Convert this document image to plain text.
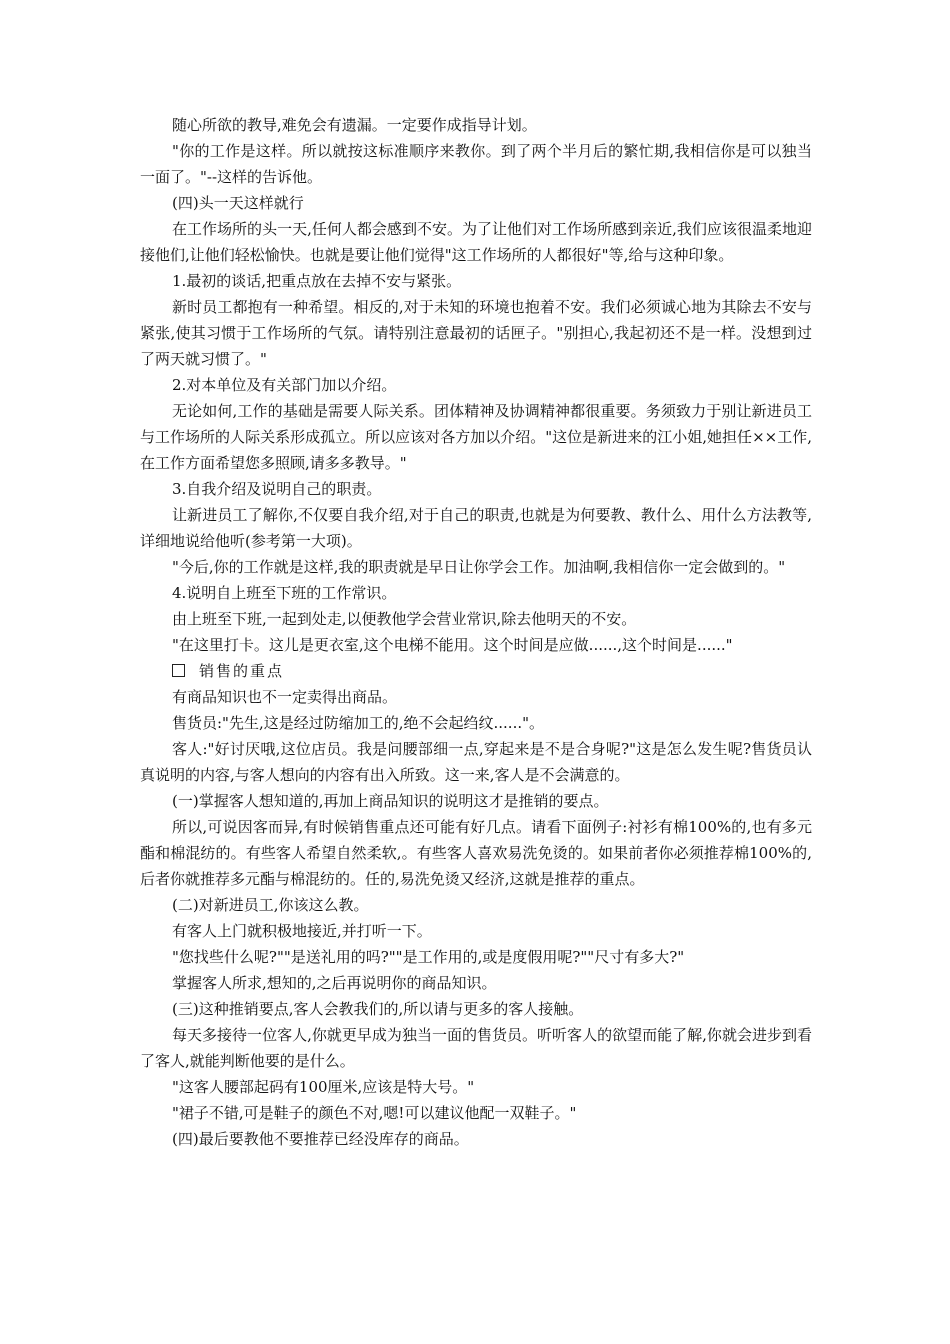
随心所欲的教导,难免会有遗漏。一定要作成指导计划。

"你的工作是这样。所以就按这标准顺序来教你。到了两个半月后的繁忙期,我相信你是可以独当一面了。"--这样的告诉他。

(四)头一天这样就行

在工作场所的头一天,任何人都会感到不安。为了让他们对工作场所感到亲近,我们应该很温柔地迎接他们,让他们轻松愉快。也就是要让他们觉得"这工作场所的人都很好"等,给与这种印象。

1.最初的谈话,把重点放在去掉不安与紧张。

新时员工都抱有一种希望。相反的,对于未知的环境也抱着不安。我们必须诚心地为其除去不安与紧张,使其习惯于工作场所的气氛。请特别注意最初的话匣子。"别担心,我起初还不是一样。没想到过了两天就习惯了。"

2.对本单位及有关部门加以介绍。

无论如何,工作的基础是需要人际关系。团体精神及协调精神都很重要。务须致力于别让新进员工与工作场所的人际关系形成孤立。所以应该对各方加以介绍。"这位是新进来的江小姐,她担任××工作,在工作方面希望您多照顾,请多多教导。"

3.自我介绍及说明自己的职责。

让新进员工了解你,不仅要自我介绍,对于自己的职责,也就是为何要教、教什么、用什么方法教等,详细地说给他听(参考第一大项)。

"今后,你的工作就是这样,我的职责就是早日让你学会工作。加油啊,我相信你一定会做到的。"

4.说明自上班至下班的工作常识。

由上班至下班,一起到处走,以便教他学会营业常识,除去他明天的不安。

"在这里打卡。这儿是更衣室,这个电梯不能用。这个时间是应做......,这个时间是......"

销售的重点

有商品知识也不一定卖得出商品。

售货员:"先生,这是经过防缩加工的,绝不会起绉纹......"。

客人:"好讨厌哦,这位店员。我是问腰部细一点,穿起来是不是合身呢?"这是怎么发生呢?售货员认真说明的内容,与客人想向的内容有出入所致。这一来,客人是不会满意的。

(一)掌握客人想知道的,再加上商品知识的说明这才是推销的要点。

所以,可说因客而异,有时候销售重点还可能有好几点。请看下面例子:衬衫有棉100%的,也有多元酯和棉混纺的。有些客人希望自然柔软,。有些客人喜欢易洗免烫的。如果前者你必须推荐棉100%的,后者你就推荐多元酯与棉混纺的。任的,易洗免烫又经济,这就是推荐的重点。

(二)对新进员工,你该这么教。

有客人上门就积极地接近,并打听一下。

"您找些什么呢?""是送礼用的吗?""是工作用的,或是度假用呢?""尺寸有多大?"

掌握客人所求,想知的,之后再说明你的商品知识。

(三)这种推销要点,客人会教我们的,所以请与更多的客人接触。

每天多接待一位客人,你就更早成为独当一面的售货员。听听客人的欲望而能了解,你就会进步到看了客人,就能判断他要的是什么。

"这客人腰部起码有100厘米,应该是特大号。"

"裙子不错,可是鞋子的颜色不对,嗯!可以建议他配一双鞋子。"

(四)最后要教他不要推荐已经没库存的商品。
